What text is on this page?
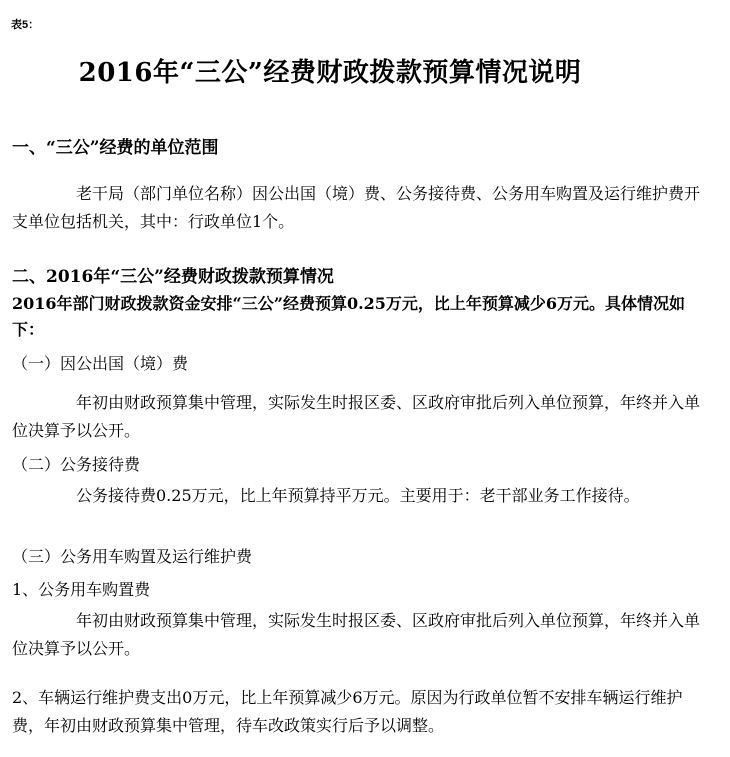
表5：
2016年“三公”经费财政拨款预算情况说明
一、“三公”经费的单位范围
老干局（部门单位名称）因公出国（境）费、公务接待费、公务用车购置及运行维护费开支单位包括机关，其中：行政单位1个。
二、2016年“三公”经费财政拨款预算情况
2016年部门财政拨款资金安排“三公”经费预算0.25万元，比上年预算减少6万元。具体情况如下：
（一）因公出国（境）费
年初由财政预算集中管理，实际发生时报区委、区政府审批后列入单位预算，年终并入单位决算予以公开。
（二）公务接待费
公务接待费0.25万元，比上年预算持平万元。主要用于：老干部业务工作接待。
（三）公务用车购置及运行维护费
1、公务用车购置费
年初由财政预算集中管理，实际发生时报区委、区政府审批后列入单位预算，年终并入单位决算予以公开。
2、车辆运行维护费支出0万元，比上年预算减少6万元。原因为行政单位暂不安排车辆运行维护费，年初由财政预算集中管理，待车改政策实行后予以调整。
